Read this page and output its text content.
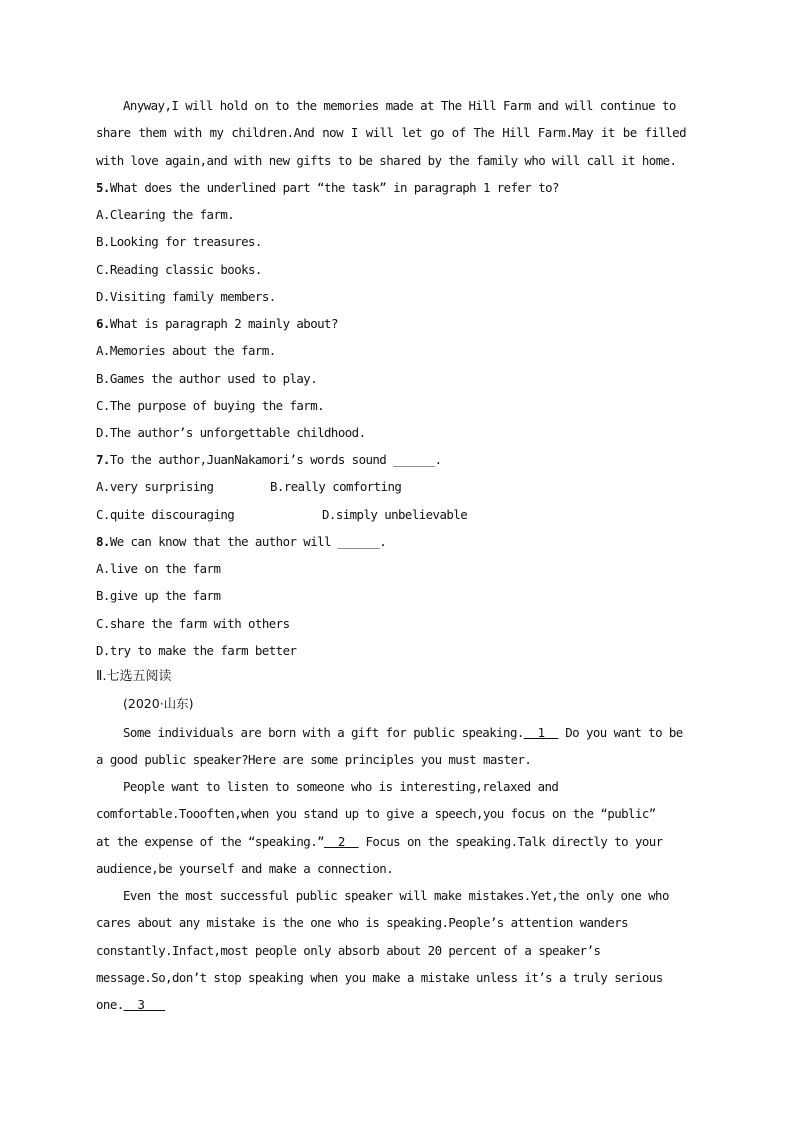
Anyway,I will hold on to the memories made at The Hill Farm and will continue to
share them with my children.And now I will let go of The Hill Farm.May it be filled
with love again,and with new gifts to be shared by the family who will call it home.
5.What does the underlined part “the task” in paragraph 1 refer to?
A.Clearing the farm.
B.Looking for treasures.
C.Reading classic books.
D.Visiting family members.
6.What is paragraph 2 mainly about?
A.Memories about the farm.
B.Games the author used to play.
C.The purpose of buying the farm.
D.The author’s unforgettable childhood.
7.To the author,JuanNakamori’s words sound ______.
A.very surprising	B.really comforting
C.quite discouraging	D.simply unbelievable
8.We can know that the author will ______.
A.live on the farm
B.give up the farm
C.share the farm with others
D.try to make the farm better
Ⅱ.七选五阅读
(2020·山东)
Some individuals are born with a gift for public speaking.  1   Do you want to be
a good public speaker?Here are some principles you must master.
People want to listen to someone who is interesting,relaxed and
comfortable.Toooften,when you stand up to give a speech,you focus on the “public”
at the expense of the “speaking.”  2   Focus on the speaking.Talk directly to your
audience,be yourself and make a connection.
Even the most successful public speaker will make mistakes.Yet,the only one who
cares about any mistake is the one who is speaking.People’s attention wanders
constantly.Infact,most people only absorb about 20 percent of a speaker’s
message.So,don’t stop speaking when you make a mistake unless it’s a truly serious
one.  3
